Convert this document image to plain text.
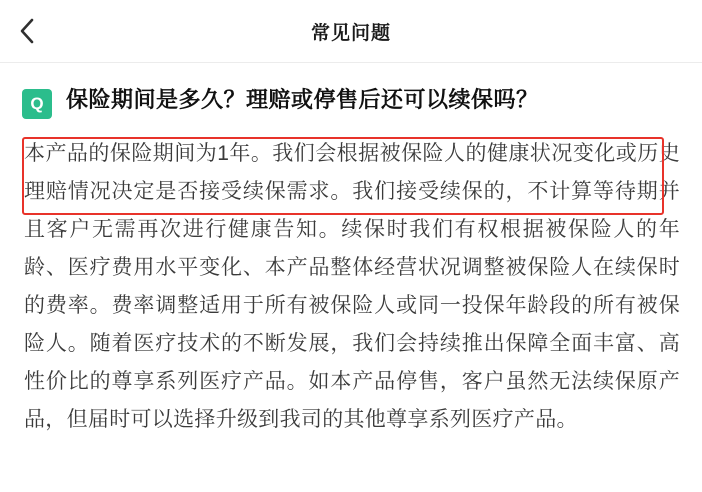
常见问题
Q	保险期间是多久？理赔或停售后还可以续保吗？
本产品的保险期间为1年。我们会根据被保险人的健康状况变化或历史理赔情况决定是否接受续保需求。我们接受续保的，不计算等待期并且客户无需再次进行健康告知。续保时我们有权根据被保险人的年龄、医疗费用水平变化、本产品整体经营状况调整被保险人在续保时的费率。费率调整适用于所有被保险人或同一投保年龄段的所有被保险人。随着医疗技术的不断发展，我们会持续推出保障全面丰富、高性价比的尊享系列医疗产品。如本产品停售，客户虽然无法续保原产品，但届时可以选择升级到我司的其他尊享系列医疗产品。
